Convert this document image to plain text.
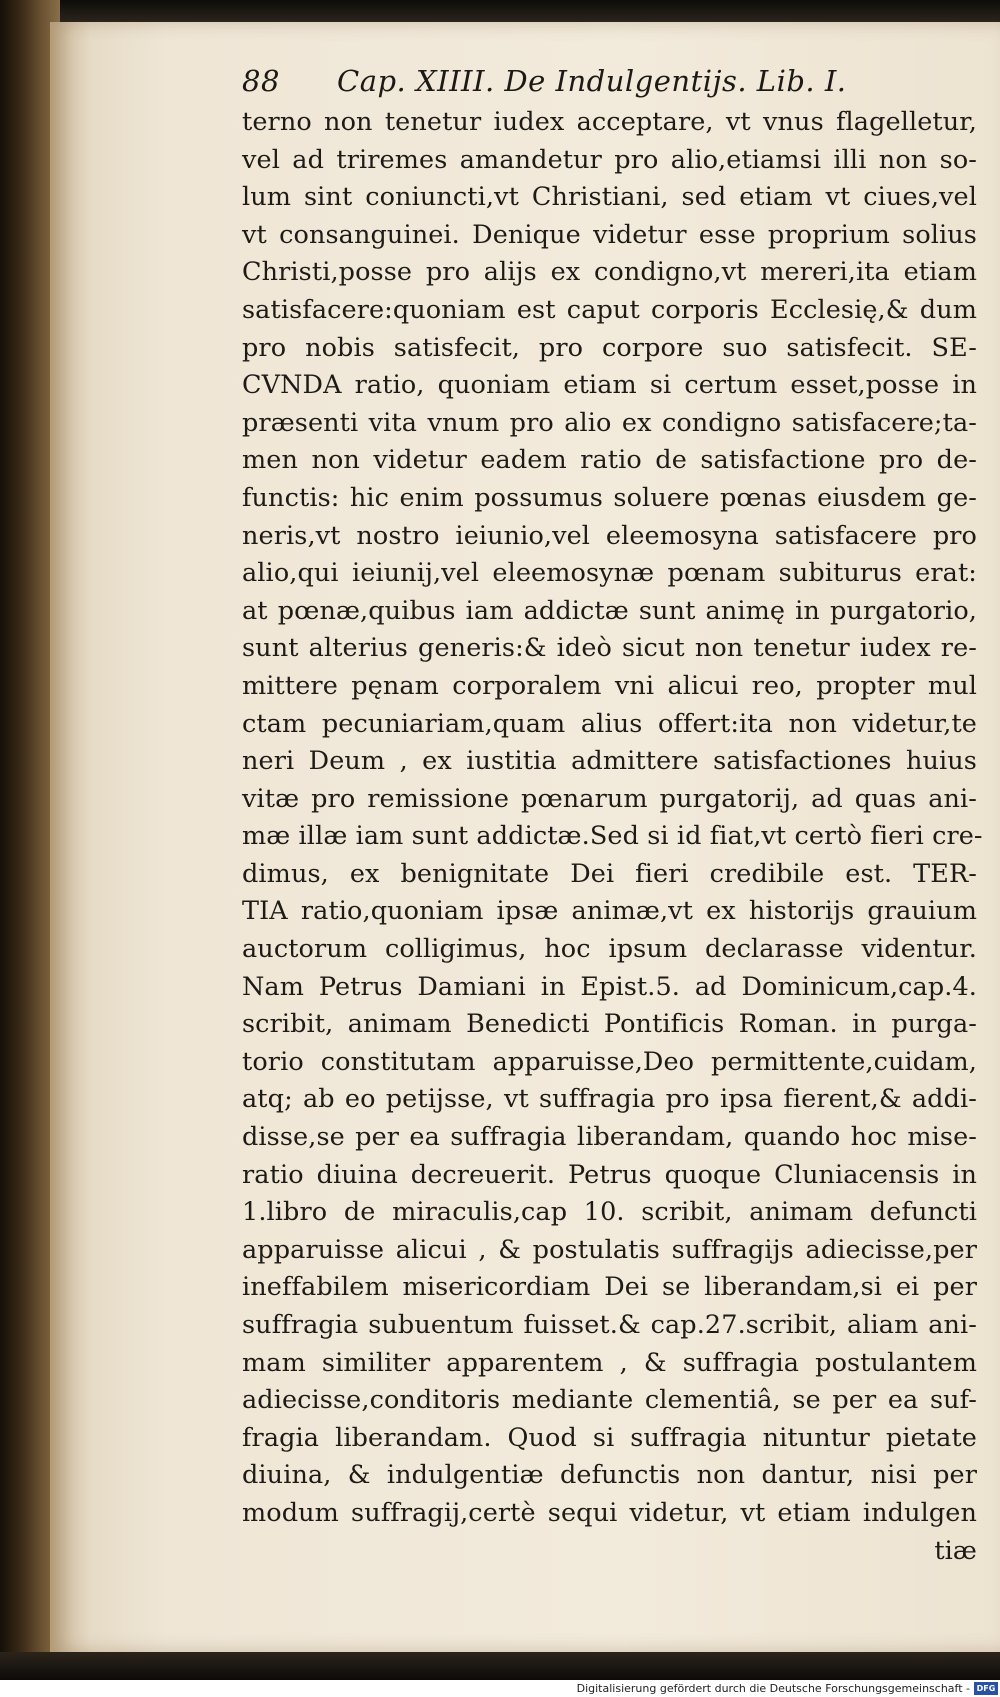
88 Cap. XIIII. De Indulgentijs. Lib. I.
terno non tenetur iudex acceptare, vt vnus flagelletur,
vel ad triremes amandetur pro alio,etiamsi illi non so-
lum sint coniuncti,vt Christiani, sed etiam vt ciues,vel
vt consanguinei. Denique videtur esse proprium solius
Christi,posse pro alijs ex condigno,vt mereri,ita etiam
satisfacere:quoniam est caput corporis Ecclesię,& dum
pro nobis satisfecit, pro corpore suo satisfecit. SE-
CVNDA ratio, quoniam etiam si certum esset,posse in
præsenti vita vnum pro alio ex condigno satisfacere;ta-
men non videtur eadem ratio de satisfactione pro de-
functis: hic enim possumus soluere pœnas eiusdem ge-
neris,vt nostro ieiunio,vel eleemosyna satisfacere pro
alio,qui ieiunij,vel eleemosynæ pœnam subiturus erat:
at pœnæ,quibus iam addictæ sunt animę in purgatorio,
sunt alterius generis:& ideò sicut non tenetur iudex re-
mittere pęnam corporalem vni alicui reo, propter mul
ctam pecuniariam,quam alius offert:ita non videtur,te
neri Deum , ex iustitia admittere satisfactiones huius
vitæ pro remissione pœnarum purgatorij, ad quas ani-
mæ illæ iam sunt addictæ.Sed si id fiat,vt certò fieri cre-
dimus, ex benignitate Dei fieri credibile est. TER-
TIA ratio,quoniam ipsæ animæ,vt ex historijs grauium
auctorum colligimus, hoc ipsum declarasse videntur.
Nam Petrus Damiani in Epist.5. ad Dominicum,cap.4.
scribit, animam Benedicti Pontificis Roman. in purga-
torio constitutam apparuisse,Deo permittente,cuidam,
atq; ab eo petijsse, vt suffragia pro ipsa fierent,& addi-
disse,se per ea suffragia liberandam, quando hoc mise-
ratio diuina decreuerit. Petrus quoque Cluniacensis in
1.libro de miraculis,cap 10. scribit, animam defuncti
apparuisse alicui , & postulatis suffragijs adiecisse,per
ineffabilem misericordiam Dei se liberandam,si ei per
suffragia subuentum fuisset.& cap.27.scribit, aliam ani-
mam similiter apparentem , & suffragia postulantem
adiecisse,conditoris mediante clementiâ, se per ea suf-
fragia liberandam. Quod si suffragia nituntur pietate
diuina, & indulgentiæ defunctis non dantur, nisi per
modum suffragij,certè sequi videtur, vt etiam indulgen
tiæ
Digitalisierung gefördert durch die Deutsche Forschungsgemeinschaft - DFG
